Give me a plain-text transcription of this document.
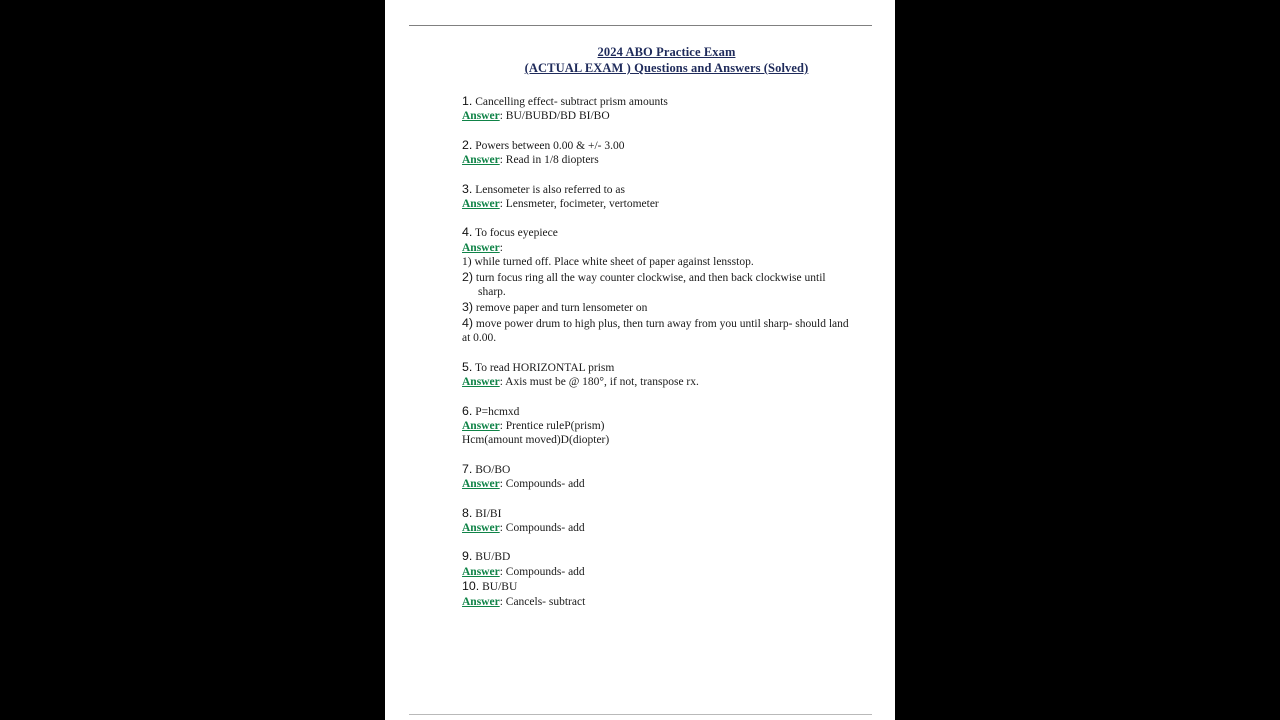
2024 ABO Practice Exam
(ACTUAL EXAM ) Questions and Answers (Solved)
1. Cancelling effect- subtract prism amounts
Answer: BU/BUBD/BD BI/BO
2. Powers between 0.00 & +/- 3.00
Answer: Read in 1/8 diopters
3. Lensometer is also referred to as
Answer: Lensmeter, focimeter, vertometer
4. To focus eyepiece
Answer:
1) while turned off. Place white sheet of paper against lensstop.
2) turn focus ring all the way counter clockwise, and then back clockwise until
sharp.
3) remove paper and turn lensometer on
4) move power drum to high plus, then turn away from you until sharp- should land
at 0.00.
5. To read HORIZONTAL prism
Answer: Axis must be @ 180°, if not, transpose rx.
6. P=hcmxd
Answer: Prentice ruleP(prism)
Hcm(amount moved)D(diopter)
7. BO/BO
Answer: Compounds- add
8. BI/BI
Answer: Compounds- add
9. BU/BD
Answer: Compounds- add
10. BU/BU
Answer: Cancels- subtract
